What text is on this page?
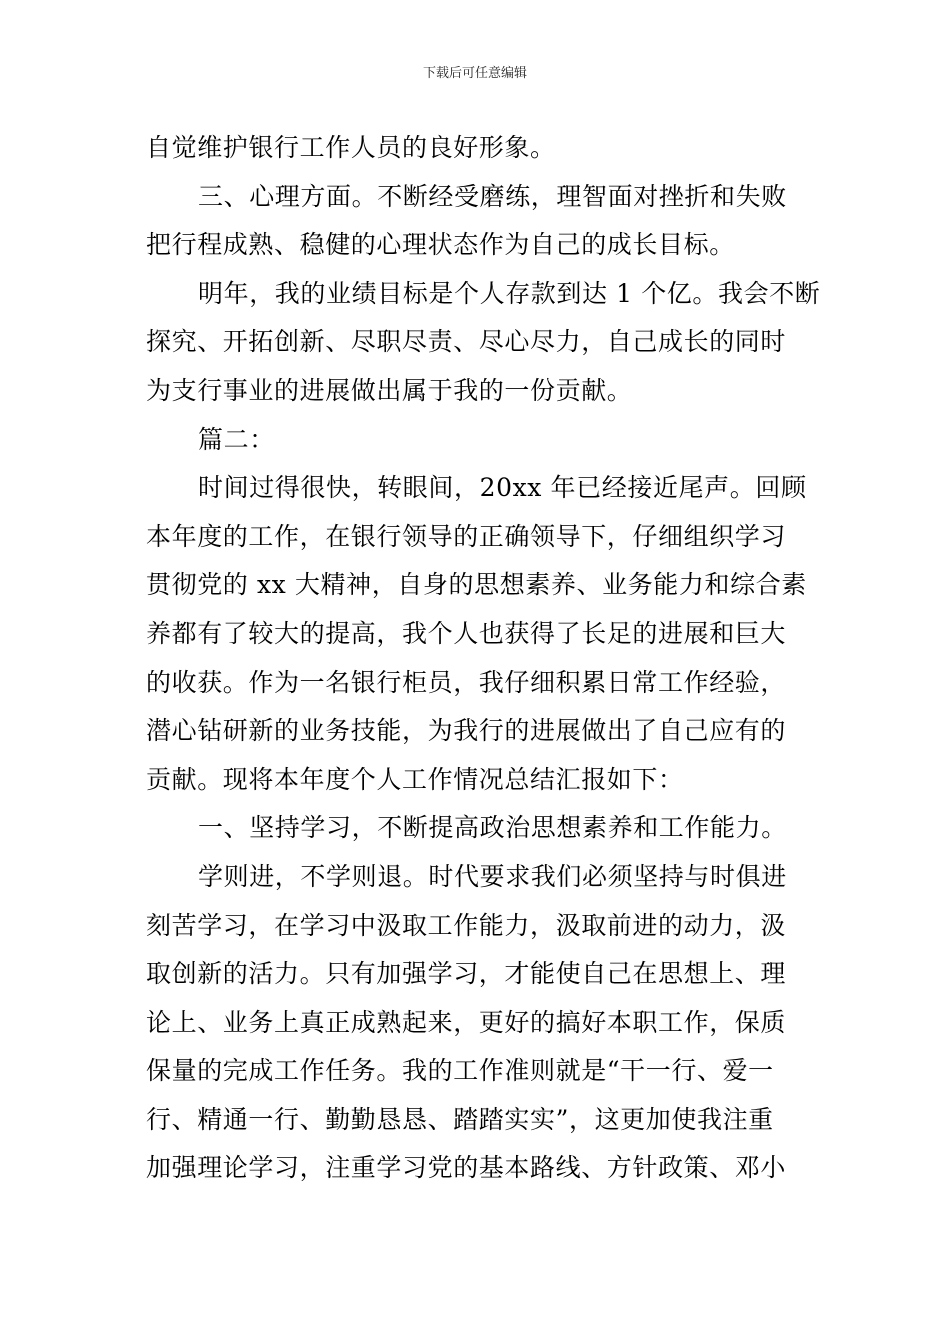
下载后可任意编辑
自觉维护银行工作人员的良好形象。
三、心理方面。不断经受磨练，理智面对挫折和失败
把行程成熟、稳健的心理状态作为自己的成长目标。
明年，我的业绩目标是个人存款到达 1 个亿。我会不断
探究、开拓创新、尽职尽责、尽心尽力，自己成长的同时
为支行事业的进展做出属于我的一份贡献。
篇二：
时间过得很快，转眼间，20xx 年已经接近尾声。回顾
本年度的工作，在银行领导的正确领导下，仔细组织学习
贯彻党的 xx 大精神，自身的思想素养、业务能力和综合素
养都有了较大的提高，我个人也获得了长足的进展和巨大
的收获。作为一名银行柜员，我仔细积累日常工作经验，
潜心钻研新的业务技能，为我行的进展做出了自己应有的
贡献。现将本年度个人工作情况总结汇报如下：
一、坚持学习，不断提高政治思想素养和工作能力。
学则进，不学则退。时代要求我们必须坚持与时俱进
刻苦学习，在学习中汲取工作能力，汲取前进的动力，汲
取创新的活力。只有加强学习，才能使自己在思想上、理
论上、业务上真正成熟起来，更好的搞好本职工作，保质
保量的完成工作任务。我的工作准则就是“干一行、爱一
行、精通一行、勤勤恳恳、踏踏实实”，这更加使我注重
加强理论学习，注重学习党的基本路线、方针政策、邓小
